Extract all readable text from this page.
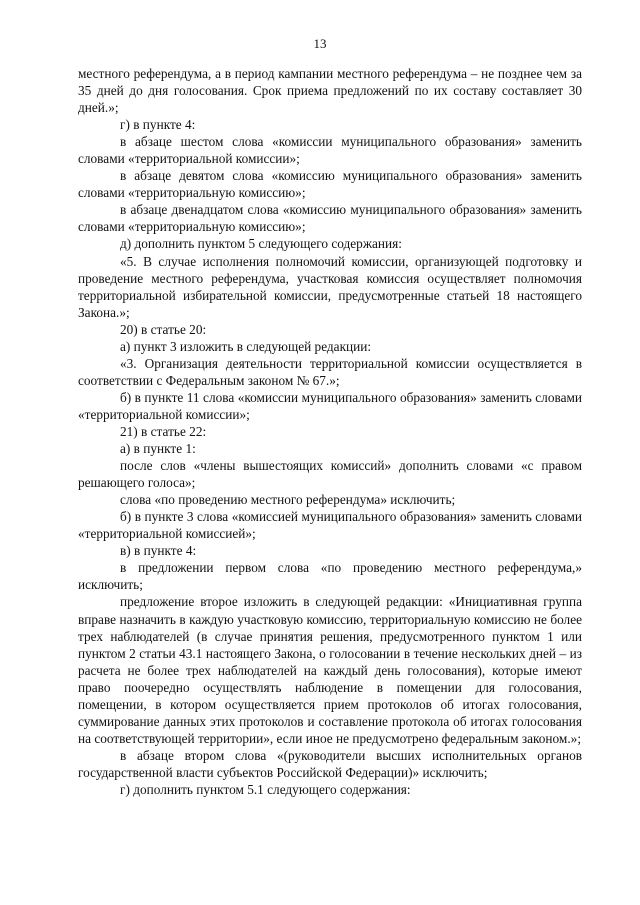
13

местного референдума, а в период кампании местного референдума – не позднее чем за 35 дней до дня голосования. Срок приема предложений по их составу составляет 30 дней.»;

г) в пункте 4:

в абзаце шестом слова «комиссии муниципального образования» заменить словами «территориальной комиссии»;

в абзаце девятом слова «комиссию муниципального образования» заменить словами «территориальную комиссию»;

в абзаце двенадцатом слова «комиссию муниципального образования» заменить словами «территориальную комиссию»;

д) дополнить пунктом 5 следующего содержания:

«5. В случае исполнения полномочий комиссии, организующей подготовку и проведение местного референдума, участковая комиссия осуществляет полномочия территориальной избирательной комиссии, предусмотренные статьей 18 настоящего Закона.»;

20) в статье 20:

а) пункт 3 изложить в следующей редакции:

«3. Организация деятельности территориальной комиссии осуществляется в соответствии с Федеральным законом № 67.»;

б) в пункте 11 слова «комиссии муниципального образования» заменить словами «территориальной комиссии»;

21) в статье 22:

а) в пункте 1:

после слов «члены вышестоящих комиссий» дополнить словами «с правом решающего голоса»;

слова «по проведению местного референдума» исключить;

б) в пункте 3 слова «комиссией муниципального образования» заменить словами «территориальной комиссией»;

в) в пункте 4:

в предложении первом слова «по проведению местного референдума,» исключить;

предложение второе изложить в следующей редакции: «Инициативная группа вправе назначить в каждую участковую комиссию, территориальную комиссию не более трех наблюдателей (в случае принятия решения, предусмотренного пунктом 1 или пунктом 2 статьи 43.1 настоящего Закона, о голосовании в течение нескольких дней – из расчета не более трех наблюдателей на каждый день голосования), которые имеют право поочередно осуществлять наблюдение в помещении для голосования, помещении, в котором осуществляется прием протоколов об итогах голосования, суммирование данных этих протоколов и составление протокола об итогах голосования на соответствующей территории», если иное не предусмотрено федеральным законом.»;

в абзаце втором слова «(руководители высших исполнительных органов государственной власти субъектов Российской Федерации)» исключить;

г) дополнить пунктом 5.1 следующего содержания:
